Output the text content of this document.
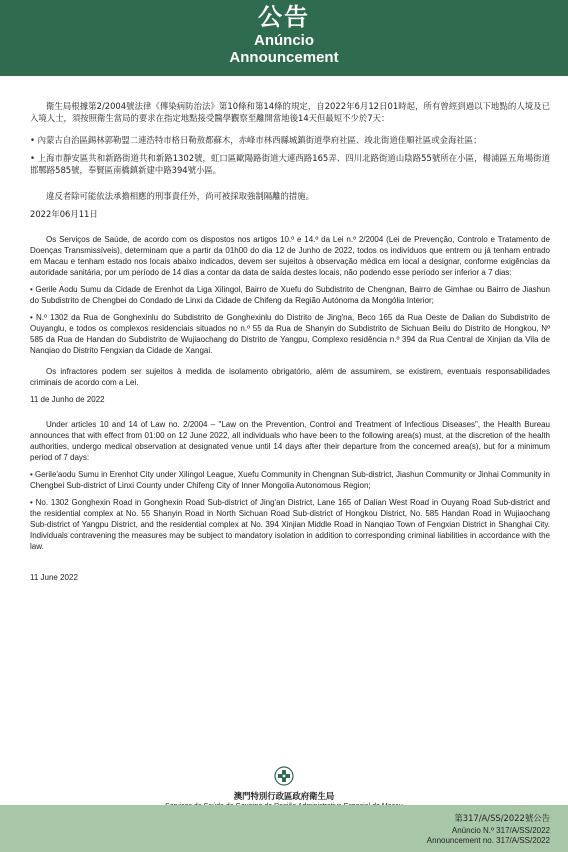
公告
Anúncio
Announcement

衛生局根據第2/2004號法律《傳染病防治法》第10條和第14條的規定，自2022年6月12日01時起，所有曾經到過以下地點的人境及已入境人士，須按照衛生當局的要求在指定地點接受醫學觀察至離開當地後14天但最短不少於7天：

• 內蒙古自治區錫林郭勒盟二連浩特市格日勒敖都蘇木，赤峰市林西縣城鎮街道學府社區、竣北街道佳順社區或金海社區；

• 上海市靜安區共和新路街道共和新路1302號，虹口區歐陽路街道大連西路165弄、四川北路街道山陰路55號所在小區，楊浦區五角場街道邯鄲路585號，奉賢區南橋鎮新建中路394號小區。

違反者除可能依法承擔相應的刑事責任外，尚可被採取強制隔離的措施。

2022年06月11日

Os Serviços de Saúde, de acordo com os dispostos nos artigos 10.º e 14.º da Lei n.º 2/2004 (Lei de Prevenção, Controlo e Tratamento de Doenças Transmissíveis), determinam que a partir da 01h00 do dia 12 de Junho de 2022, todos os indivíduos que entrem ou já tenham entrado em Macau e tenham estado nos locais abaixo indicados, devem ser sujeitos à observação médica em local a designar, conforme exigências da autoridade sanitária, por um período de 14 dias a contar da data de saída destes locais, não podendo esse período ser inferior a 7 dias:

• Gerile Aodu Sumu da Cidade de Erenhot da Liga Xilingol, Bairro de Xuefu do Subdistrito de Chengnan, Bairro de Gimhae ou Bairro de Jiashun do Subdistrito de Chengbei do Condado de Linxi da Cidade de Chifeng da Região Autónoma da Mongólia Interior;

• N.º 1302 da Rua de Gonghexinlu do Subdistrito de Gonghexinlu do Distrito de Jing'na, Beco 165 da Rua Oeste de Dalian do Subdistrito de Ouyanglu, e todos os complexos residenciais situados no n.º 55 da Rua de Shanyin do Subdistrito de Sichuan Beilu do Distrito de Hongkou, Nº 585 da Rua de Handan do Subdistrito de Wujiaochang do Distrito de Yangpu, Complexo residência n.º 394 da Rua Central de Xinjian da Vila de Nanqiao do Distrito Fengxian da Cidade de Xangai.

Os infractores podem ser sujeitos à medida de isolamento obrigatório, além de assumirem, se existirem, eventuais responsabilidades criminais de acordo com a Lei.

11 de Junho de 2022

Under articles 10 and 14 of Law no. 2/2004 – "Law on the Prevention, Control and Treatment of Infectious Diseases", the Health Bureau announces that with effect from 01:00 on 12 June 2022, all individuals who have been to the following area(s) must, at the discretion of the health authorities, undergo medical observation at designated venue until 14 days after their departure from the concerned area(s), but for a minimum period of 7 days:

• Gerile'aodu Sumu in Erenhot City under Xilingol League, Xuefu Community in Chengnan Sub-district, Jiashun Community or Jinhai Community in Chengbei Sub-district of Linxi County under Chifeng City of Inner Mongolia Autonomous Region;

• No. 1302 Gonghexin Road in Gonghexin Road Sub-district of Jing'an District, Lane 165 of Dalian West Road in Ouyang Road Sub-district and the residential complex at No. 55 Shanyin Road in North Sichuan Road Sub-district of Hongkou District, No. 585 Handan Road in Wujiaochang Sub-district of Yangpu District, and the residential complex at No. 394 Xinjian Middle Road in Nanqiao Town of Fengxian District in Shanghai City. Individuals contravening the measures may be subject to mandatory isolation in addition to corresponding criminal liabilities in accordance with the law.

11 June 2022

澳門特別行政區政府衛生局
第317/A/SS/2022號公告
Anúncio N.º 317/A/SS/2022
Announcement no. 317/A/SS/2022
